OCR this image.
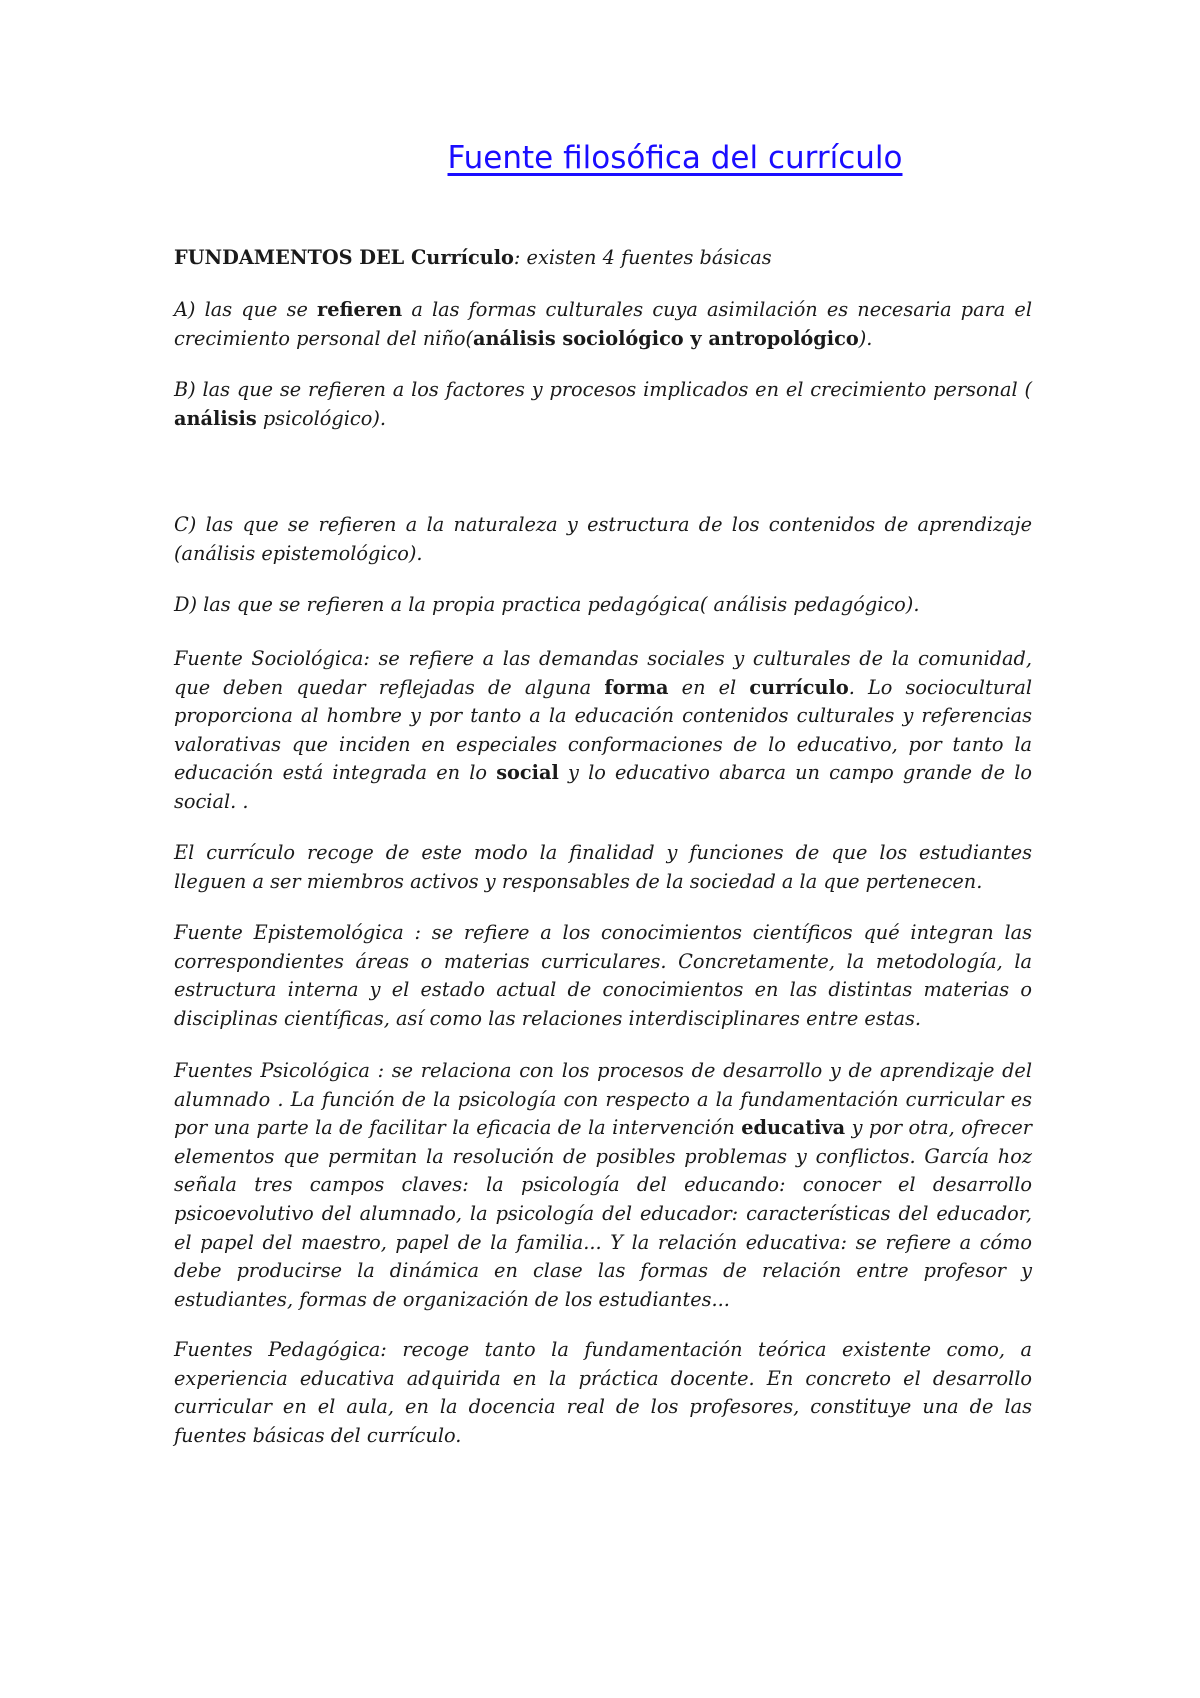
Fuente filosófica del currículo

FUNDAMENTOS DEL Currículo: existen 4 fuentes básicas

A) las que se refieren a las formas culturales cuya asimilación es necesaria para el crecimiento personal del niño(análisis sociológico y antropológico).

B) las que se refieren a los factores y procesos implicados en el crecimiento personal ( análisis psicológico).

C) las que se refieren a la naturaleza y estructura de los contenidos de aprendizaje (análisis epistemológico).

D) las que se refieren a la propia practica pedagógica( análisis pedagógico).

Fuente Sociológica: se refiere a las demandas sociales y culturales de la comunidad, que deben quedar reflejadas de alguna forma en el currículo. Lo sociocultural proporciona al hombre y por tanto a la educación contenidos culturales y referencias valorativas que inciden en especiales conformaciones de lo educativo, por tanto la educación está integrada en lo social y lo educativo abarca un campo grande de lo social. .

El currículo recoge de este modo la finalidad y funciones de que los estudiantes lleguen a ser miembros activos y responsables de la sociedad a la que pertenecen.

Fuente Epistemológica : se refiere a los conocimientos científicos qué integran las correspondientes áreas o materias curriculares. Concretamente, la metodología, la estructura interna y el estado actual de conocimientos en las distintas materias o disciplinas científicas, así como las relaciones interdisciplinares entre estas.

Fuentes Psicológica : se relaciona con los procesos de desarrollo y de aprendizaje del alumnado . La función de la psicología con respecto a la fundamentación curricular es por una parte la de facilitar la eficacia de la intervención educativa y por otra, ofrecer elementos que permitan la resolución de posibles problemas y conflictos. García hoz señala tres campos claves: la psicología del educando: conocer el desarrollo psicoevolutivo del alumnado, la psicología del educador: características del educador, el papel del maestro, papel de la familia... Y la relación educativa: se refiere a cómo debe producirse la dinámica en clase las formas de relación entre profesor y estudiantes, formas de organización de los estudiantes...

Fuentes Pedagógica: recoge tanto la fundamentación teórica existente como, a experiencia educativa adquirida en la práctica docente. En concreto el desarrollo curricular en el aula, en la docencia real de los profesores, constituye una de las fuentes básicas del currículo.
